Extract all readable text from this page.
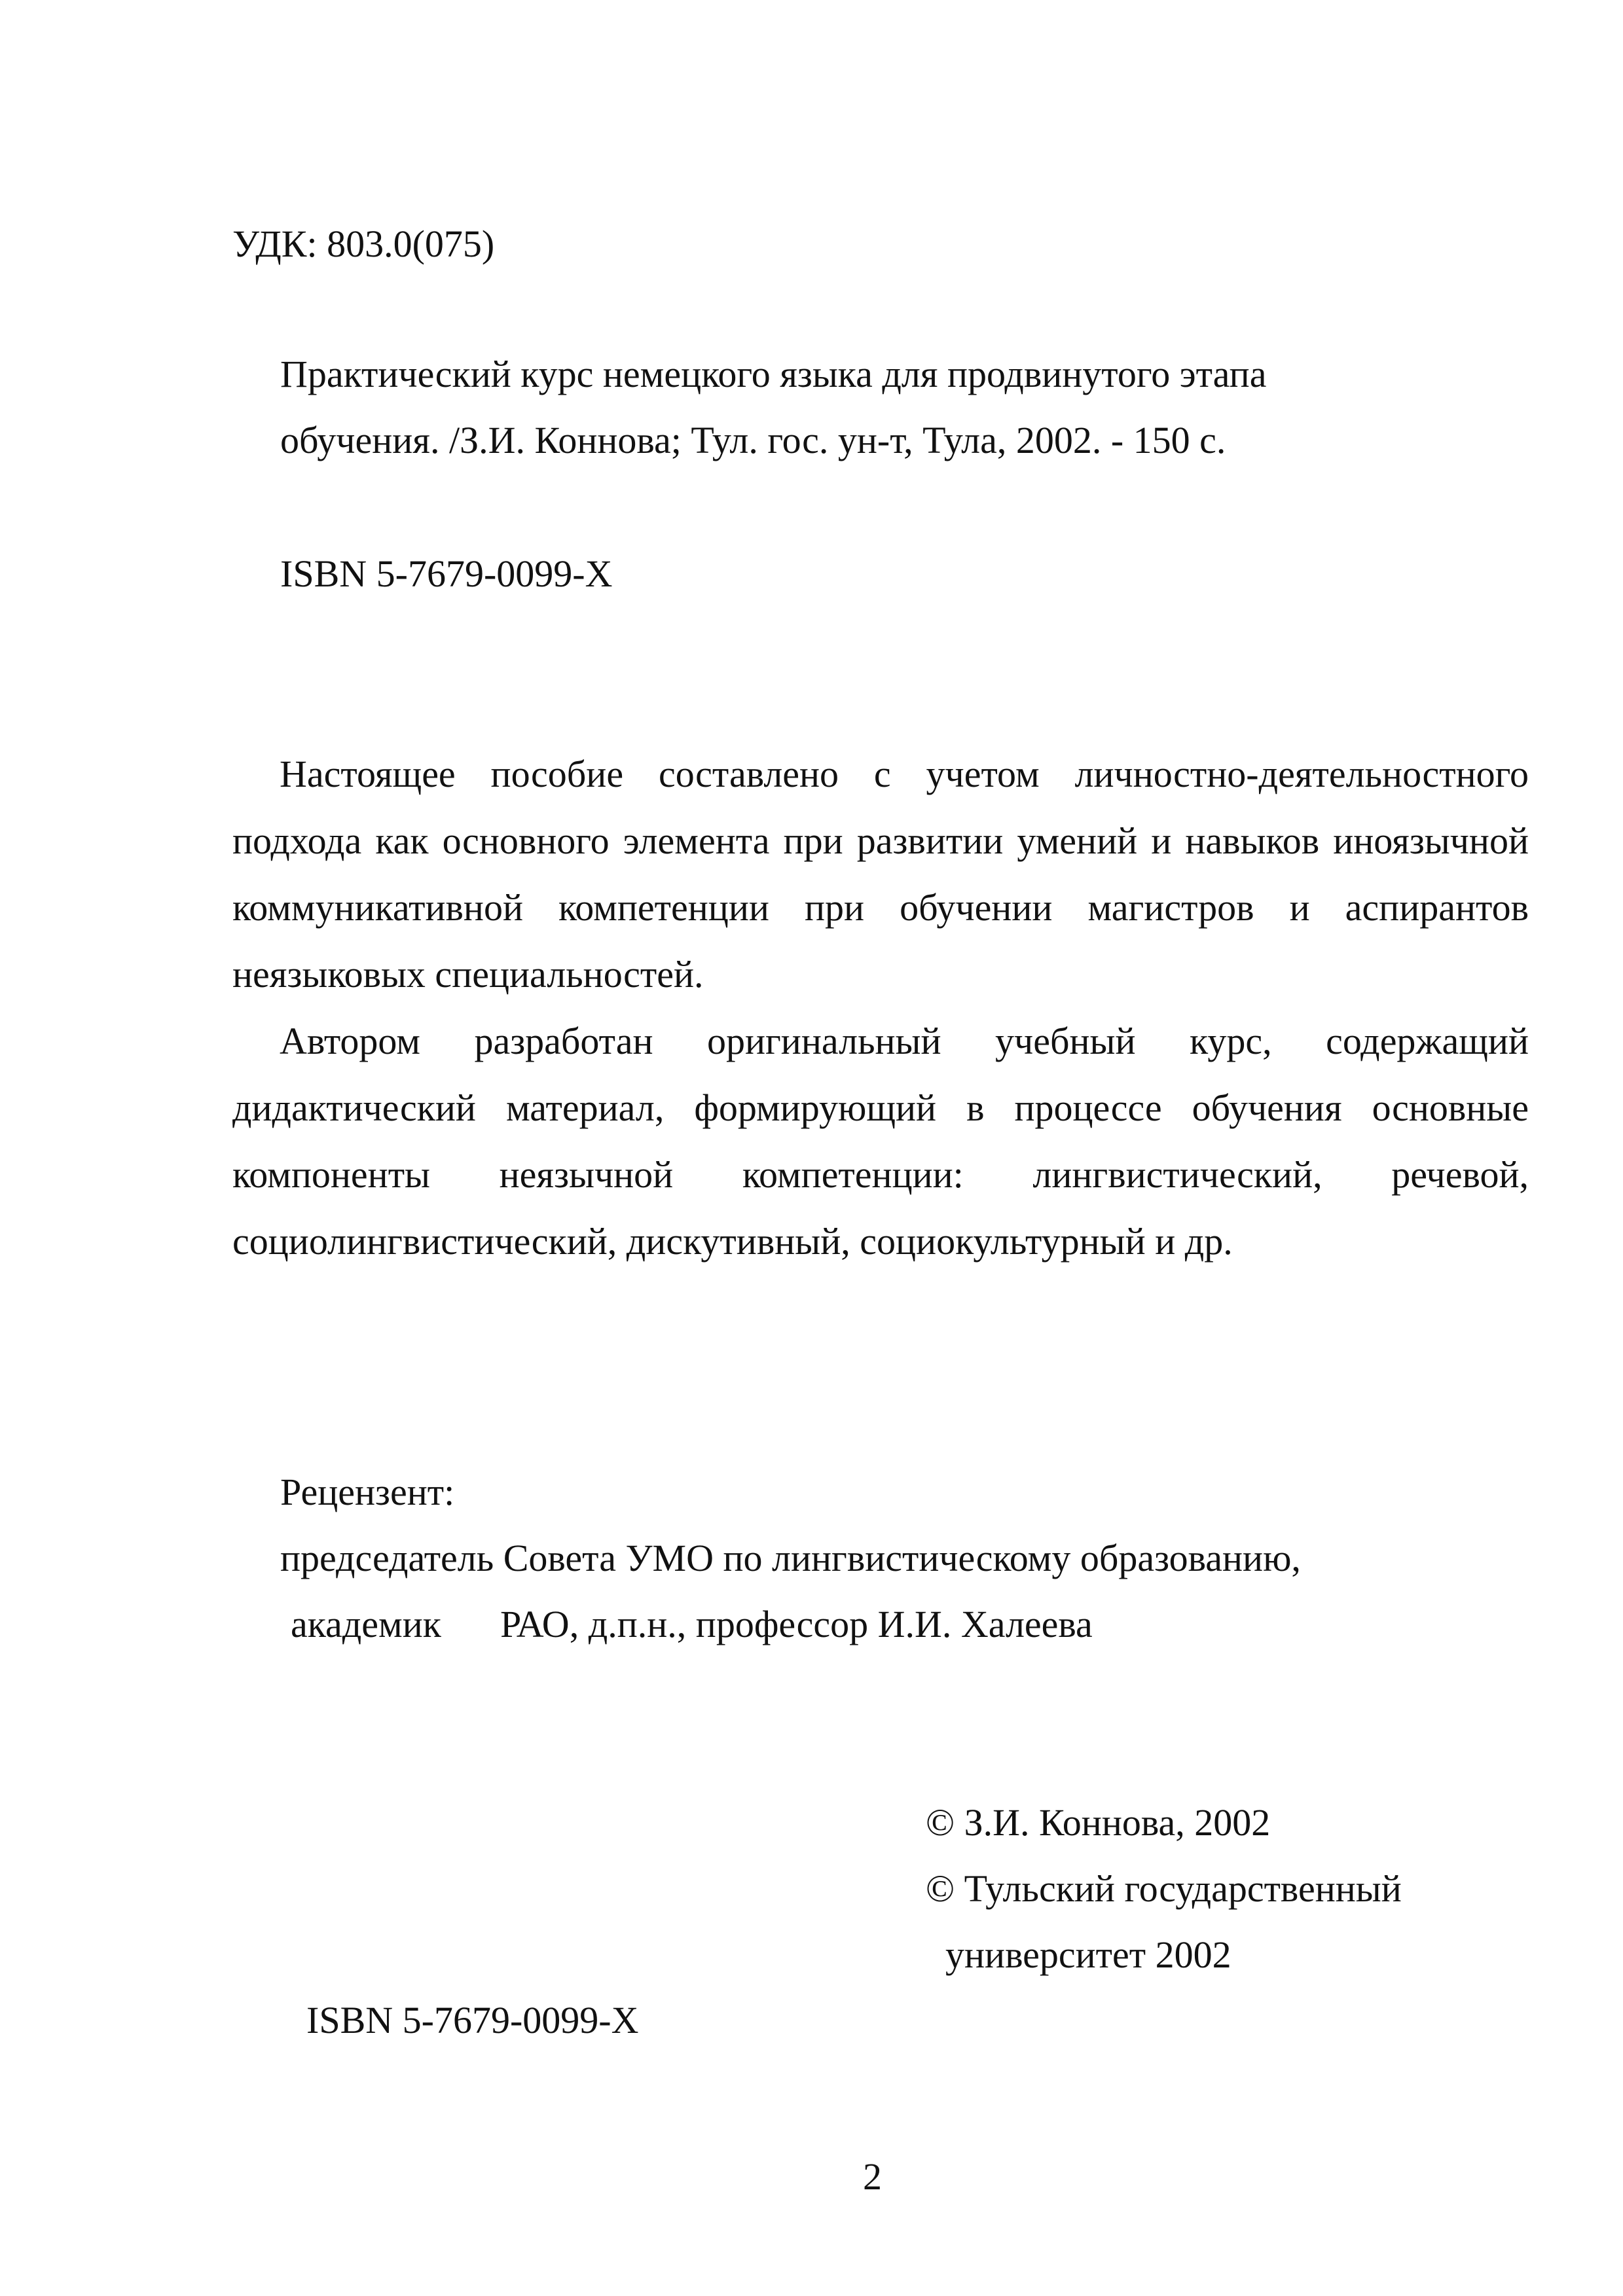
УДК: 803.0(075)
Практический курс немецкого языка для продвинутого этапа
обучения. /З.И. Коннова; Тул. гос. ун-т, Тула, 2002. - 150 с.
ISBN 5-7679-0099-Х

Настоящее пособие составлено с учетом личностно-деятельностного подхода как основного элемента при развитии умений и навыков иноязычной коммуникативной компетенции при обучении магистров и аспирантов неязыковых специальностей.

Автором разработан оригинальный учебный курс, содержащий дидактический материал, формирующий в процессе обучения основные компоненты неязычной компетенции: лингвистический, речевой, социолингвистический, дискутивный, социокультурный и др.

Рецензент:
председатель Совета УМО по лингвистическому образованию,
академик РАО, д.п.н., профессор И.И. Халеева
© З.И. Коннова, 2002
© Тульский государственный
университет 2002
ISBN 5-7679-0099-Х
2
